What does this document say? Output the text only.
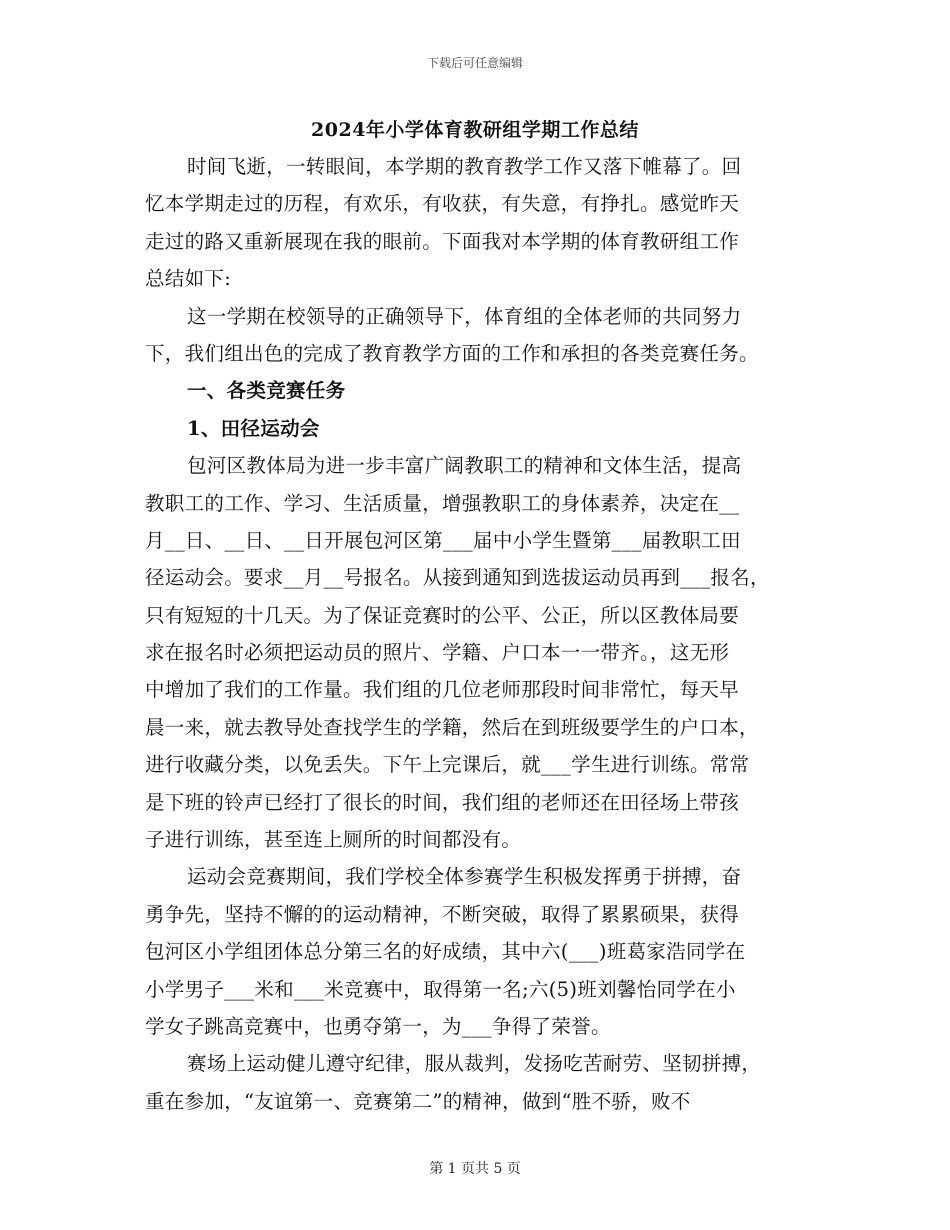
下载后可任意编辑
2024年小学体育教研组学期工作总结
时间飞逝，一转眼间，本学期的教育教学工作又落下帷幕了。回
忆本学期走过的历程，有欢乐，有收获，有失意，有挣扎。感觉昨天
走过的路又重新展现在我的眼前。下面我对本学期的体育教研组工作
总结如下:
这一学期在校领导的正确领导下，体育组的全体老师的共同努力
下，我们组出色的完成了教育教学方面的工作和承担的各类竞赛任务。
一、各类竞赛任务
1、田径运动会
包河区教体局为进一步丰富广阔教职工的精神和文体生活，提高
教职工的工作、学习、生活质量，增强教职工的身体素养，决定在__
月__日、__日、__日开展包河区第___届中小学生暨第___届教职工田
径运动会。要求__月__号报名。从接到通知到选拔运动员再到___报名，
只有短短的十几天。为了保证竞赛时的公平、公正，所以区教体局要
求在报名时必须把运动员的照片、学籍、户口本一一带齐。，这无形
中增加了我们的工作量。我们组的几位老师那段时间非常忙，每天早
晨一来，就去教导处查找学生的学籍，然后在到班级要学生的户口本，
进行收藏分类，以免丢失。下午上完课后，就___学生进行训练。常常
是下班的铃声已经打了很长的时间，我们组的老师还在田径场上带孩
子进行训练，甚至连上厕所的时间都没有。
运动会竞赛期间，我们学校全体参赛学生积极发挥勇于拼搏，奋
勇争先，坚持不懈的的运动精神，不断突破，取得了累累硕果，获得
包河区小学组团体总分第三名的好成绩，其中六(___)班葛家浩同学在
小学男子___米和___米竞赛中，取得第一名;六(5)班刘馨怡同学在小
学女子跳高竞赛中，也勇夺第一，为___争得了荣誉。
赛场上运动健儿遵守纪律，服从裁判，发扬吃苦耐劳、坚韧拼搏，
重在参加，“友谊第一、竞赛第二”的精神，做到“胜不骄，败不
第 1 页共 5 页
